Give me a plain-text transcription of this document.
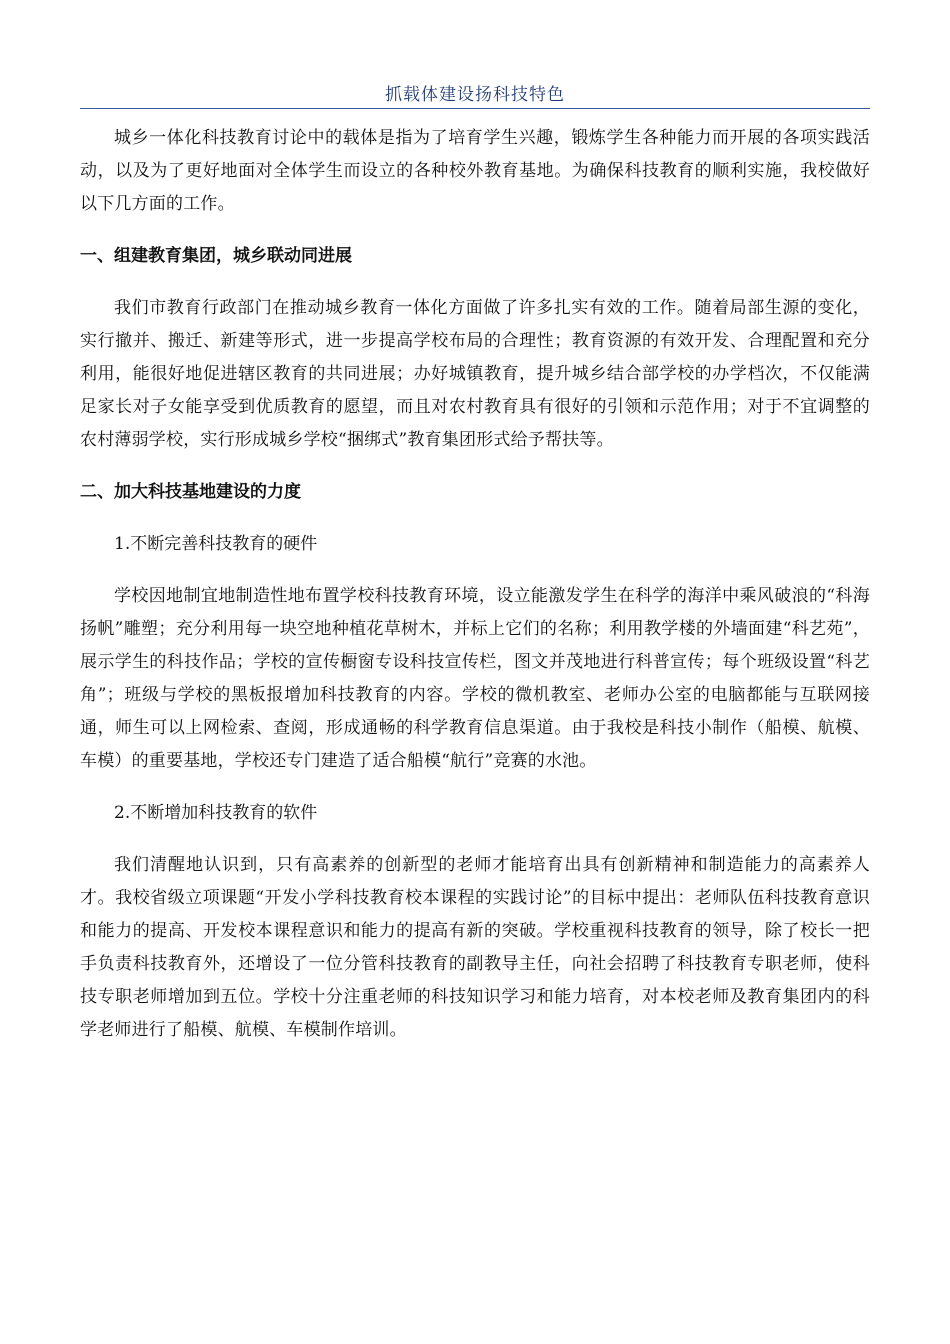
抓载体建设扬科技特色

城乡一体化科技教育讨论中的载体是指为了培育学生兴趣，锻炼学生各种能力而开展的各项实践活动，以及为了更好地面对全体学生而设立的各种校外教育基地。为确保科技教育的顺利实施，我校做好以下几方面的工作。

一、组建教育集团，城乡联动同进展

我们市教育行政部门在推动城乡教育一体化方面做了许多扎实有效的工作。随着局部生源的变化，实行撤并、搬迁、新建等形式，进一步提高学校布局的合理性；教育资源的有效开发、合理配置和充分利用，能很好地促进辖区教育的共同进展；办好城镇教育，提升城乡结合部学校的办学档次，不仅能满足家长对子女能享受到优质教育的愿望，而且对农村教育具有很好的引领和示范作用；对于不宜调整的农村薄弱学校，实行形成城乡学校“捆绑式”教育集团形式给予帮扶等。

二、加大科技基地建设的力度
1.不断完善科技教育的硬件

学校因地制宜地制造性地布置学校科技教育环境，设立能激发学生在科学的海洋中乘风破浪的“科海扬帆”雕塑；充分利用每一块空地种植花草树木，并标上它们的名称；利用教学楼的外墙面建“科艺苑”，展示学生的科技作品；学校的宣传橱窗专设科技宣传栏，图文并茂地进行科普宣传；每个班级设置“科艺角”；班级与学校的黑板报增加科技教育的内容。学校的微机教室、老师办公室的电脑都能与互联网接通，师生可以上网检索、查阅，形成通畅的科学教育信息渠道。由于我校是科技小制作（船模、航模、车模）的重要基地，学校还专门建造了适合船模“航行”竞赛的水池。

2.不断增加科技教育的软件

我们清醒地认识到，只有高素养的创新型的老师才能培育出具有创新精神和制造能力的高素养人才。我校省级立项课题“开发小学科技教育校本课程的实践讨论”的目标中提出：老师队伍科技教育意识和能力的提高、开发校本课程意识和能力的提高有新的突破。学校重视科技教育的领导，除了校长一把手负责科技教育外，还增设了一位分管科技教育的副教导主任，向社会招聘了科技教育专职老师，使科技专职老师增加到五位。学校十分注重老师的科技知识学习和能力培育，对本校老师及教育集团内的科学老师进行了船模、航模、车模制作培训。
